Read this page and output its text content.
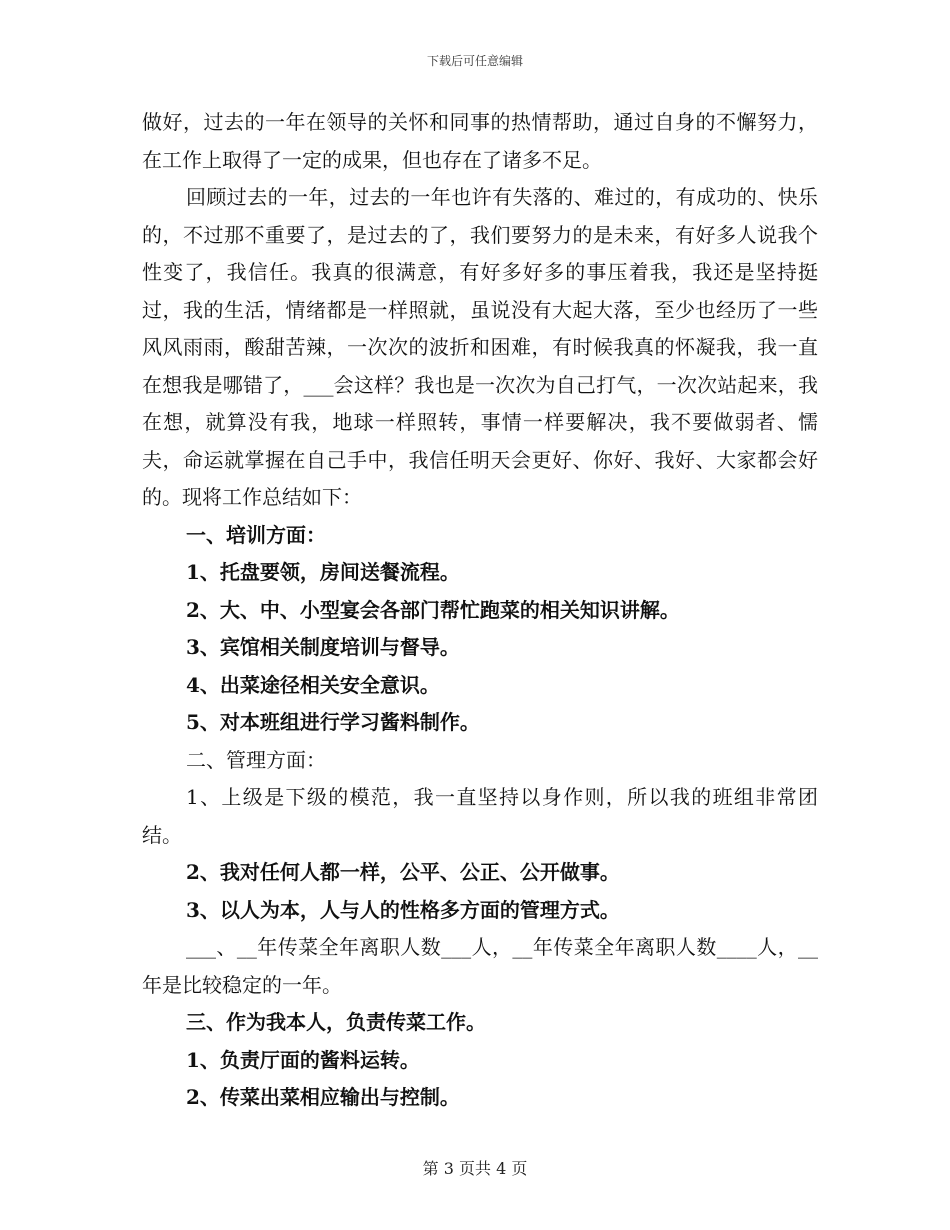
下载后可任意编辑

做好，过去的一年在领导的关怀和同事的热情帮助，通过自身的不懈努力，在工作上取得了一定的成果，但也存在了诸多不足。

回顾过去的一年，过去的一年也许有失落的、难过的，有成功的、快乐的，不过那不重要了，是过去的了，我们要努力的是未来，有好多人说我个性变了，我信任。我真的很满意，有好多好多的事压着我，我还是坚持挺过，我的生活，情绪都是一样照就，虽说没有大起大落，至少也经历了一些风风雨雨，酸甜苦辣，一次次的波折和困难，有时候我真的怀凝我，我一直在想我是哪错了，___会这样？我也是一次次为自己打气，一次次站起来，我在想，就算没有我，地球一样照转，事情一样要解决，我不要做弱者、懦夫，命运就掌握在自己手中，我信任明天会更好、你好、我好、大家都会好的。现将工作总结如下：

一、培训方面：

1、托盘要领，房间送餐流程。

2、大、中、小型宴会各部门帮忙跑菜的相关知识讲解。

3、宾馆相关制度培训与督导。

4、出菜途径相关安全意识。

5、对本班组进行学习酱料制作。

二、管理方面：

1、上级是下级的模范，我一直坚持以身作则，所以我的班组非常团结。

2、我对任何人都一样，公平、公正、公开做事。

3、以人为本，人与人的性格多方面的管理方式。

___、__年传菜全年离职人数___人，__年传菜全年离职人数____人，__年是比较稳定的一年。

三、作为我本人，负责传菜工作。

1、负责厅面的酱料运转。

2、传菜出菜相应输出与控制。

第 3 页共 4 页
